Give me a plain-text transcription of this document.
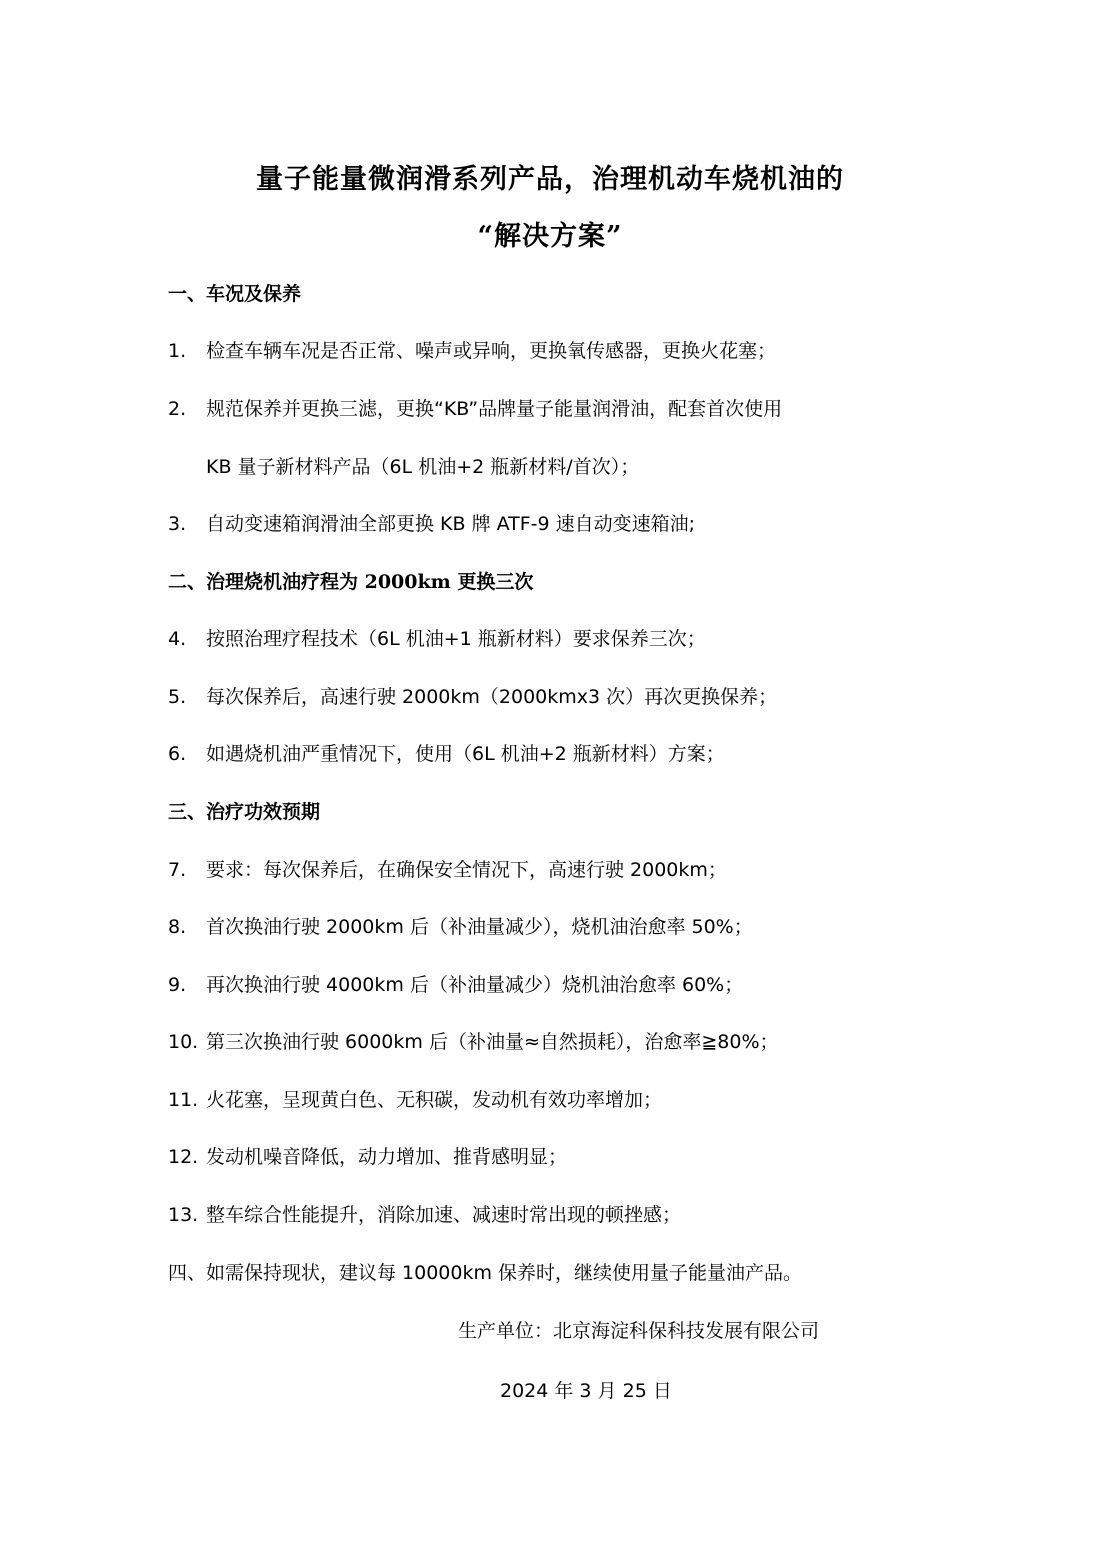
量子能量微润滑系列产品，治理机动车烧机油的
“解决方案”
一、车况及保养
1. 检查车辆车况是否正常、噪声或异响，更换氧传感器，更换火花塞；
2. 规范保养并更换三滤，更换“KB”品牌量子能量润滑油，配套首次使用
KB 量子新材料产品（6L 机油+2 瓶新材料/首次）；
3. 自动变速箱润滑油全部更换 KB 牌 ATF-9 速自动变速箱油;
二、治理烧机油疗程为 2000km 更换三次
4. 按照治理疗程技术（6L 机油+1 瓶新材料）要求保养三次；
5. 每次保养后，高速行驶 2000km（2000kmx3 次）再次更换保养；
6. 如遇烧机油严重情况下，使用（6L 机油+2 瓶新材料）方案；
三、治疗功效预期
7. 要求：每次保养后，在确保安全情况下，高速行驶 2000km；
8. 首次换油行驶 2000km 后（补油量减少），烧机油治愈率 50%；
9. 再次换油行驶 4000km 后（补油量减少）烧机油治愈率 60%；
10. 第三次换油行驶 6000km 后（补油量≈自然损耗），治愈率≧80%；
11. 火花塞，呈现黄白色、无积碳，发动机有效功率增加；
12. 发动机噪音降低，动力增加、推背感明显；
13. 整车综合性能提升，消除加速、减速时常出现的顿挫感；
四、如需保持现状，建议每 10000km 保养时，继续使用量子能量油产品。
生产单位：北京海淀科保科技发展有限公司
2024 年 3 月 25 日
